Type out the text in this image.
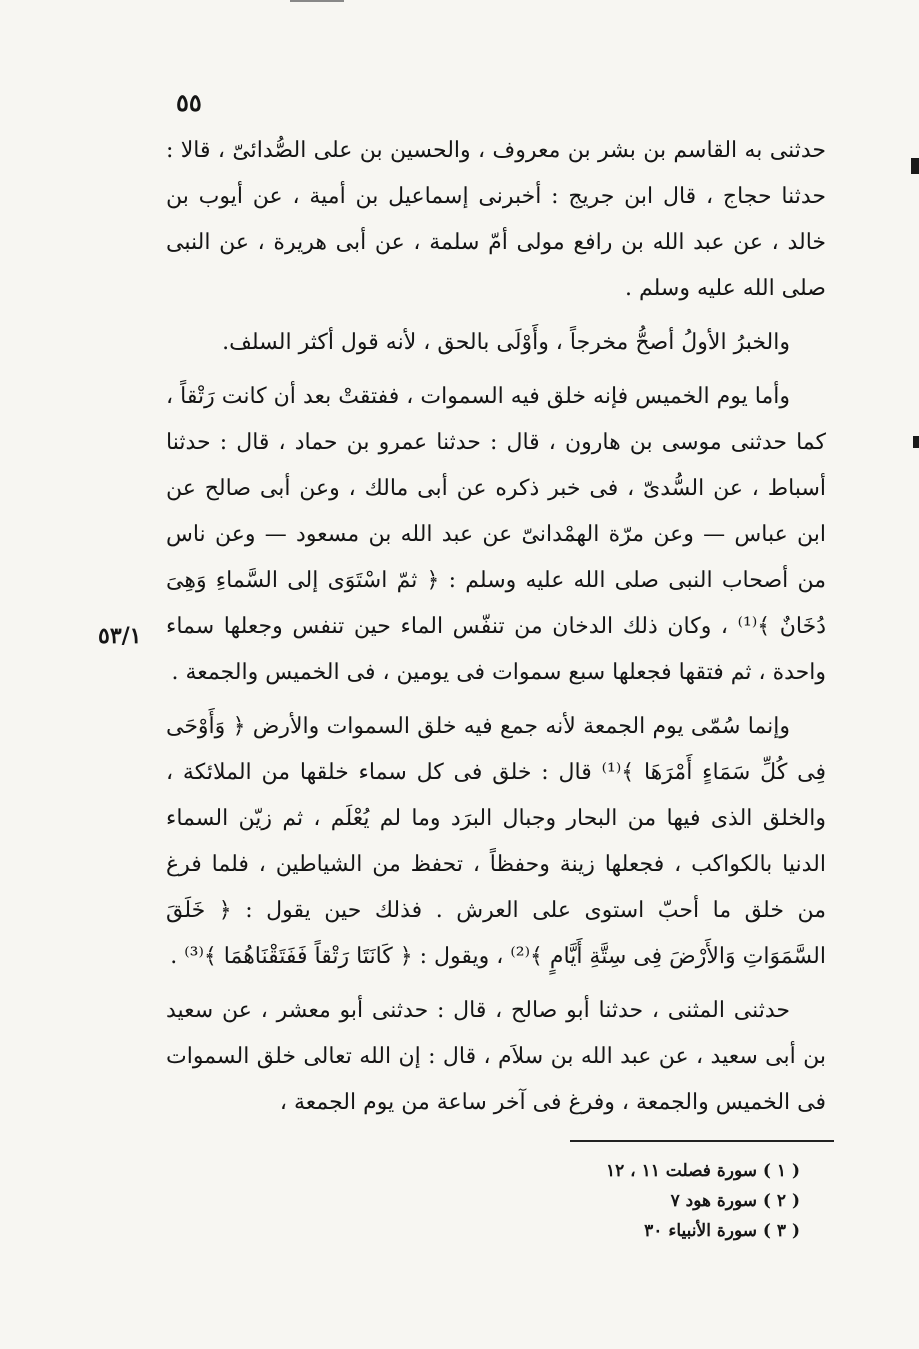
٥٥
٥٣/١

حدثنى به القاسم بن بشر بن معروف ، والحسين بن على الصُّدائىّ ، قالا : حدثنا حجاج ، قال ابن جريج : أخبرنى إسماعيل بن أمية ، عن أيوب بن خالد ، عن عبد الله بن رافع مولى أمّ سلمة ، عن أبى هريرة ، عن النبى صلى الله عليه وسلم .

والخبرُ الأولُ أصحُّ مخرجاً ، وأَوْلَى بالحق ، لأنه قول أكثر السلف.

وأما يوم الخميس فإنه خلق فيه السموات ، ففتقتْ بعد أن كانت رَتْقاً ، كما حدثنى موسى بن هارون ، قال : حدثنا عمرو بن حماد ، قال : حدثنا أسباط ، عن السُّدىّ ، فى خبر ذكره عن أبى مالك ، وعن أبى صالح عن ابن عباس — وعن مرّة الهمْدانىّ عن عبد الله بن مسعود — وعن ناس من أصحاب النبى صلى الله عليه وسلم : ﴿ ثمّ اسْتَوَى إلى السَّماءِ وَهِىَ دُخَانٌ ﴾⁽¹⁾ ، وكان ذلك الدخان من تنفّس الماء حين تنفس وجعلها سماء واحدة ، ثم فتقها فجعلها سبع سموات فى يومين ، فى الخميس والجمعة .

وإنما سُمّى يوم الجمعة لأنه جمع فيه خلق السموات والأرض ﴿ وَأَوْحَى فِى كُلِّ سَمَاءٍ أَمْرَهَا ﴾⁽¹⁾ قال : خلق فى كل سماء خلقها من الملائكة ، والخلق الذى فيها من البحار وجبال البرَد وما لم يُعْلَم ، ثم زيّن السماء الدنيا بالكواكب ، فجعلها زينة وحفظاً ، تحفظ من الشياطين ، فلما فرغ من خلق ما أحبّ استوى على العرش . فذلك حين يقول : ﴿ خَلَقَ السَّمَوَاتِ وَالأَرْضَ فِى سِتَّةِ أَيَّامٍ ﴾⁽²⁾ ، ويقول : ﴿ كَانَتَا رَتْقاً فَفَتَقْنَاهُمَا ﴾⁽³⁾ .

حدثنى المثنى ، حدثنا أبو صالح ، قال : حدثنى أبو معشر ، عن سعيد بن أبى سعيد ، عن عبد الله بن سلاَم ، قال : إن الله تعالى خلق السموات فى الخميس والجمعة ، وفرغ فى آخر ساعة من يوم الجمعة ،

( ١ ) سورة فصلت ١١ ، ١٢
( ٢ ) سورة هود ٧
( ٣ ) سورة الأنبياء ٣٠
